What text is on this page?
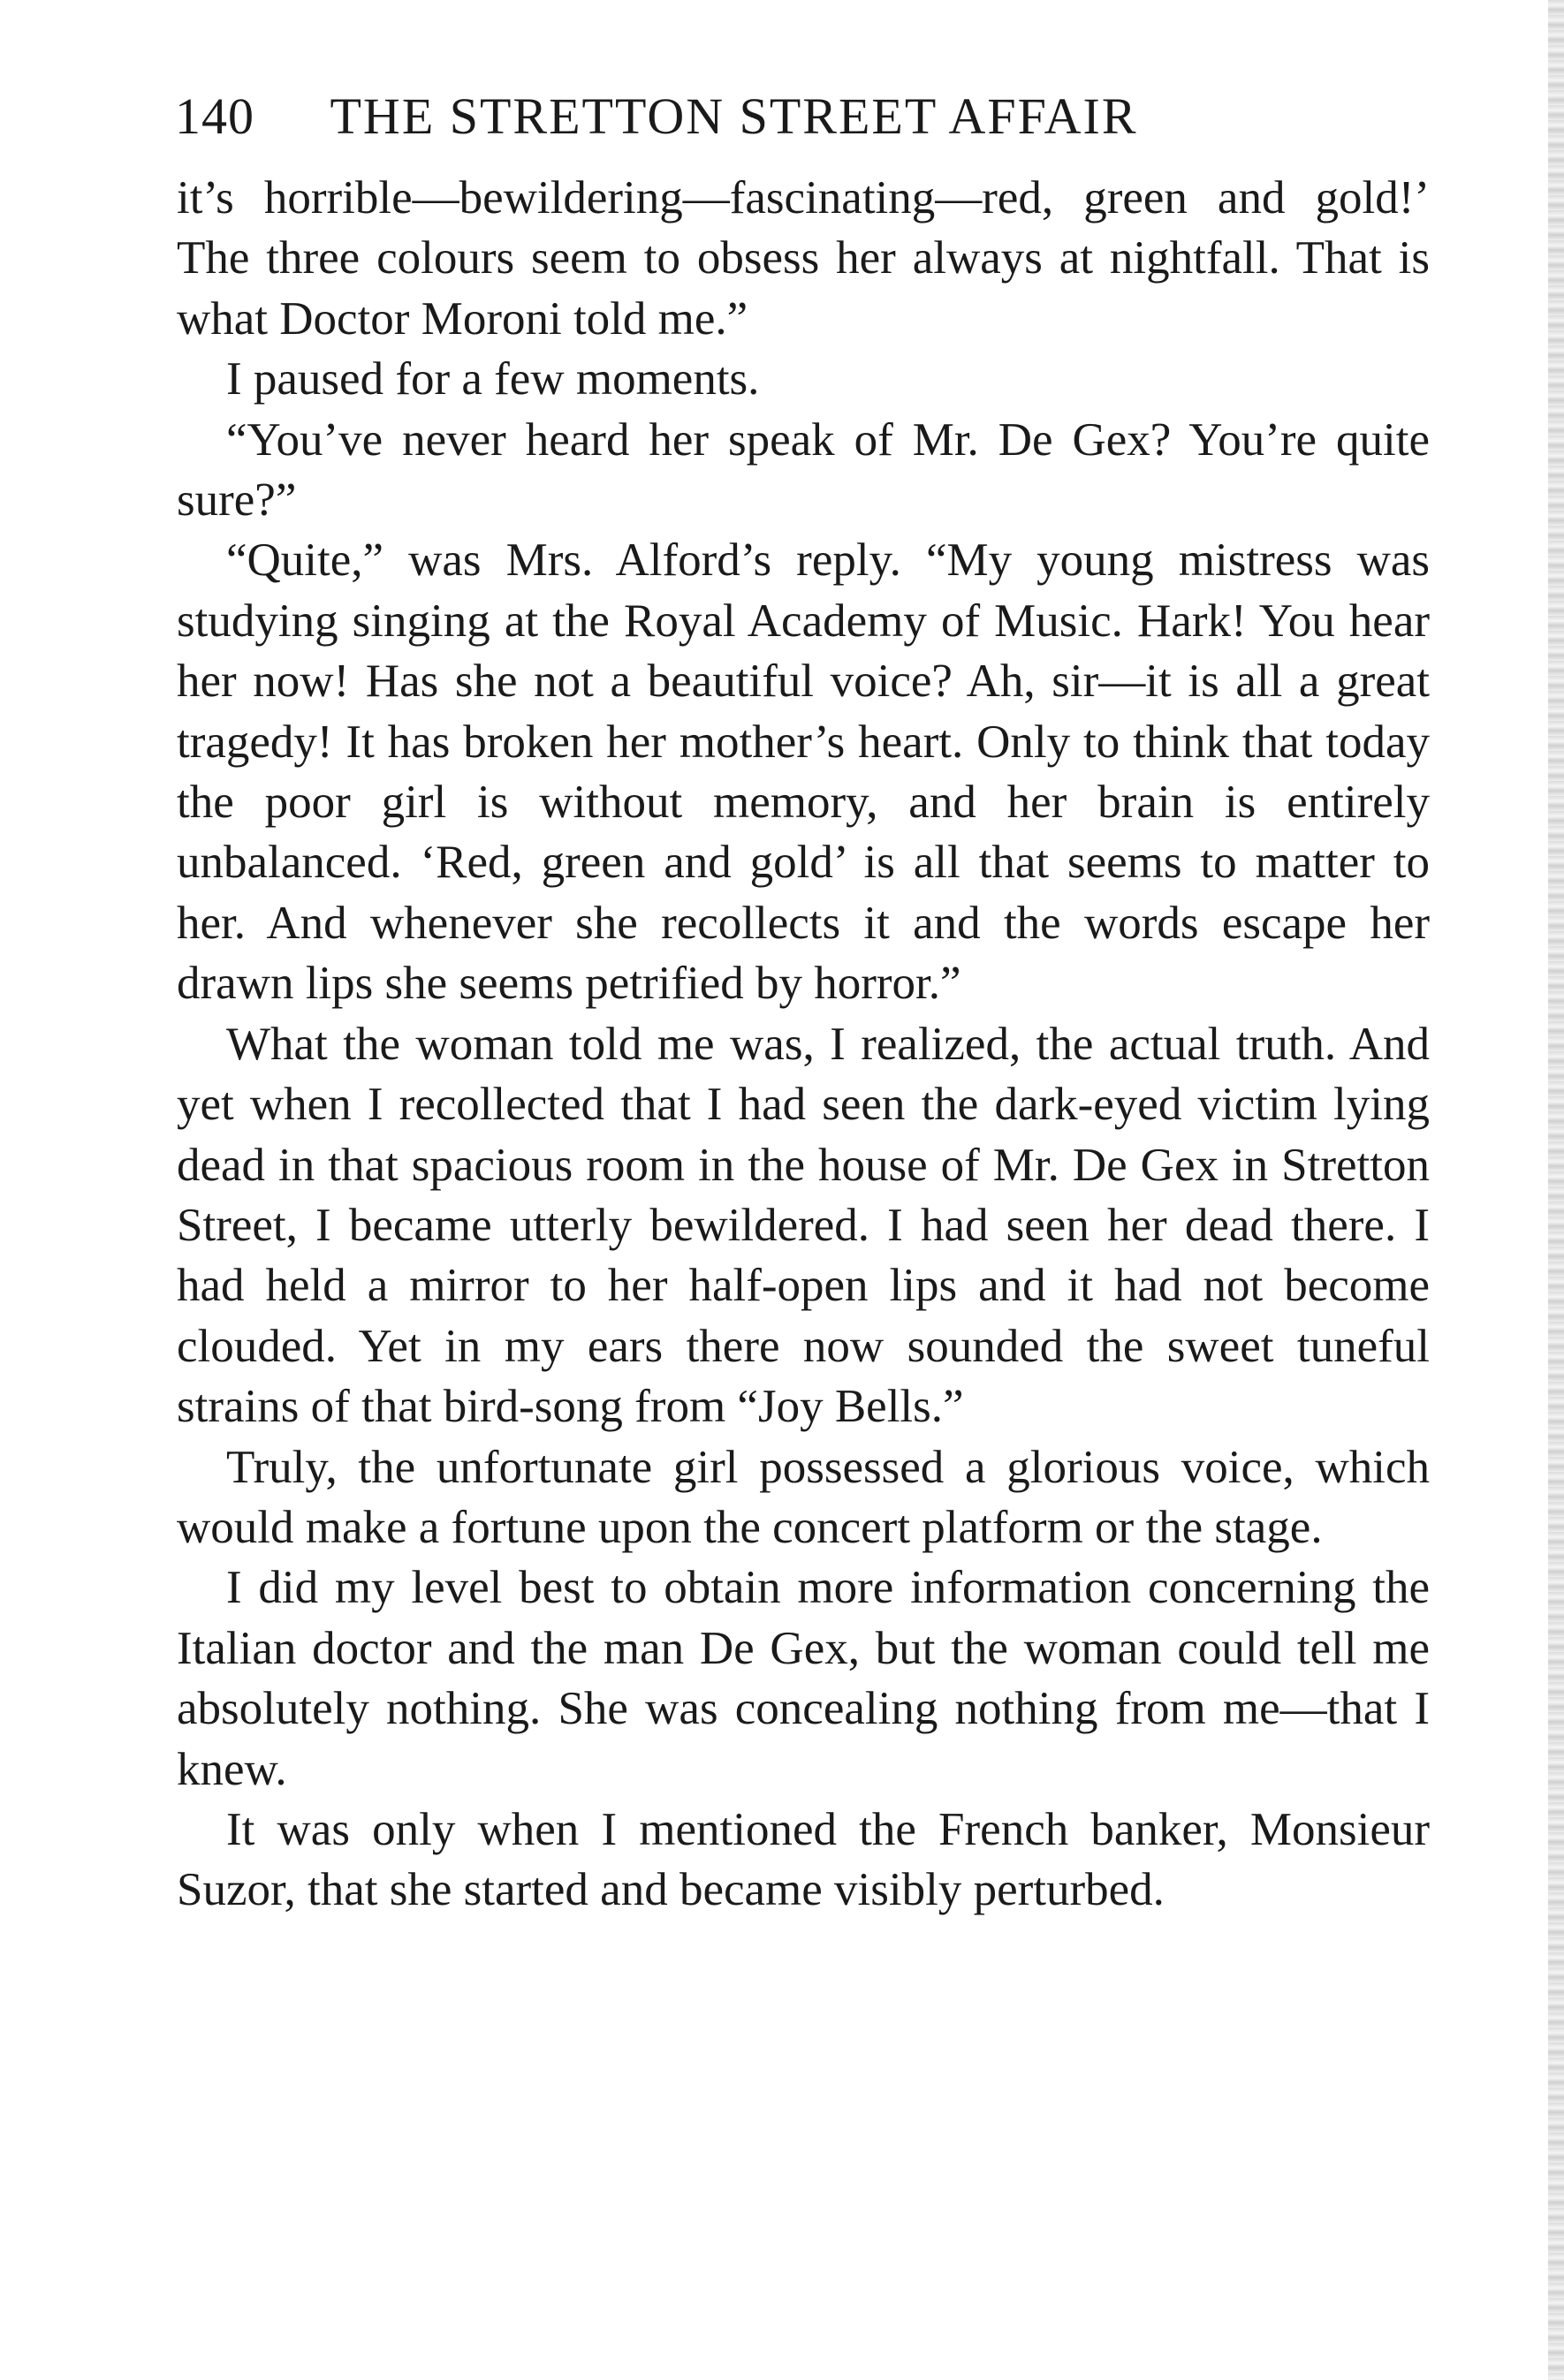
140 THE STRETTON STREET AFFAIR

it’s horrible—bewildering—fascinating—red, green and gold!’ The three colours seem to obsess her always at nightfall. That is what Doctor Moroni told me.”

I paused for a few moments.

“You’ve never heard her speak of Mr. De Gex? You’re quite sure?”

“Quite,” was Mrs. Alford’s reply. “My young mistress was studying singing at the Royal Academy of Music. Hark! You hear her now! Has she not a beautiful voice? Ah, sir—it is all a great tragedy! It has broken her mother’s heart. Only to think that today the poor girl is without memory, and her brain is entirely unbalanced. ‘Red, green and gold’ is all that seems to matter to her. And whenever she recollects it and the words escape her drawn lips she seems petrified by horror.”

What the woman told me was, I realized, the actual truth. And yet when I recollected that I had seen the dark-eyed victim lying dead in that spacious room in the house of Mr. De Gex in Stretton Street, I became utterly bewildered. I had seen her dead there. I had held a mirror to her half-open lips and it had not become clouded. Yet in my ears there now sounded the sweet tuneful strains of that bird-song from “Joy Bells.”

Truly, the unfortunate girl possessed a glorious voice, which would make a fortune upon the concert platform or the stage.

I did my level best to obtain more information concerning the Italian doctor and the man De Gex, but the woman could tell me absolutely nothing. She was concealing nothing from me—that I knew.

It was only when I mentioned the French banker, Monsieur Suzor, that she started and became visibly perturbed.
